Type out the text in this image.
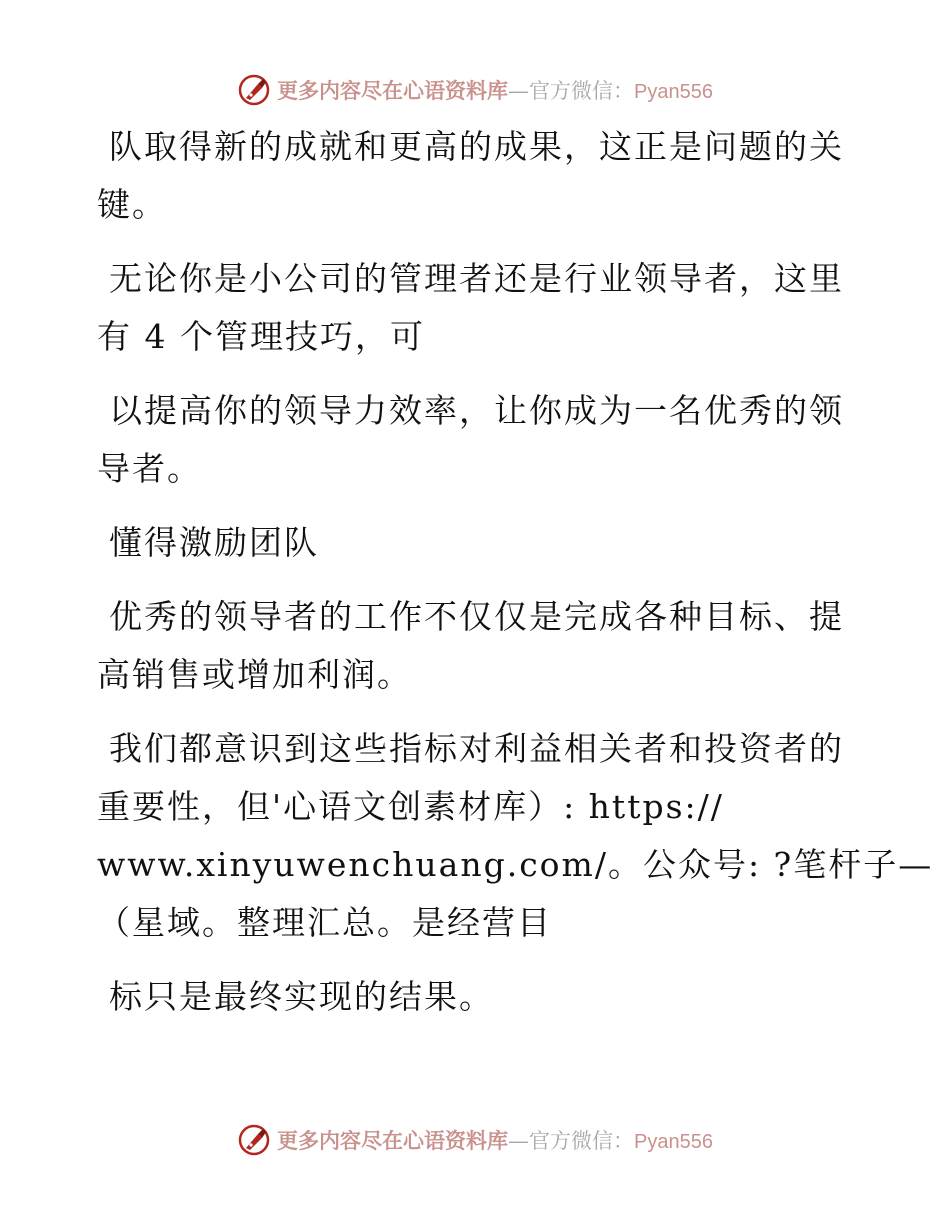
更多内容尽在心语资料库 — 官方微信： Pyan556
队取得新的成就和更高的成果，这正是问题的关
键。
无论你是小公司的管理者还是行业领导者，这里
有 4 个管理技巧，可
以提高你的领导力效率，让你成为一名优秀的领
导者。
懂得激励团队
优秀的领导者的工作不仅仅是完成各种目标、提
高销售或增加利润。
我们都意识到这些指标对利益相关者和投资者的
重要性，但'心语文创素材库）: https://
www.xinyuwenchuang.com/。公众号: ?笔杆子—
（星域。整理汇总。是经营目
标只是最终实现的结果。
更多内容尽在心语资料库 — 官方微信： Pyan556
